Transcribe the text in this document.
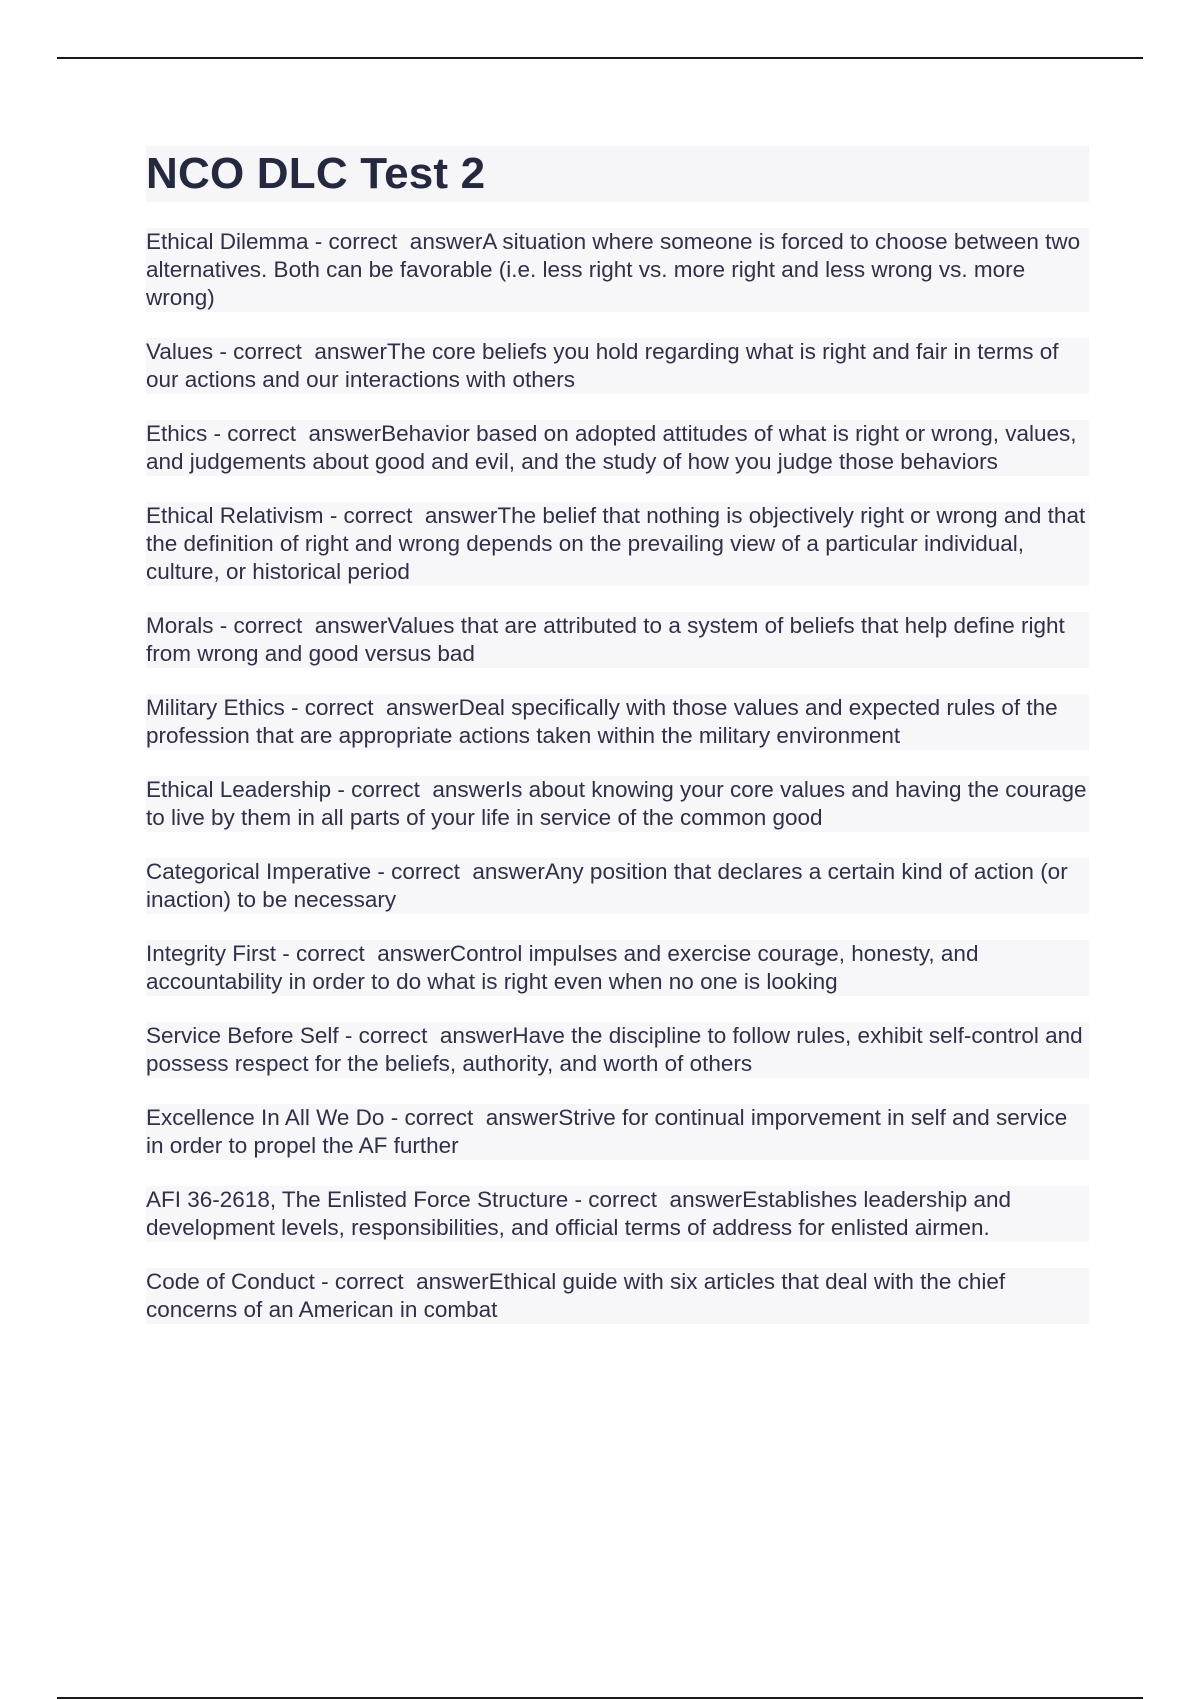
NCO DLC Test 2

Ethical Dilemma - correct  answerA situation where someone is forced to choose between two alternatives. Both can be favorable (i.e. less right vs. more right and less wrong vs. more wrong)

Values - correct  answerThe core beliefs you hold regarding what is right and fair in terms of our actions and our interactions with others

Ethics - correct  answerBehavior based on adopted attitudes of what is right or wrong, values, and judgements about good and evil, and the study of how you judge those behaviors

Ethical Relativism - correct  answerThe belief that nothing is objectively right or wrong and that the definition of right and wrong depends on the prevailing view of a particular individual, culture, or historical period

Morals - correct  answerValues that are attributed to a system of beliefs that help define right from wrong and good versus bad

Military Ethics - correct  answerDeal specifically with those values and expected rules of the profession that are appropriate actions taken within the military environment

Ethical Leadership - correct  answerIs about knowing your core values and having the courage to live by them in all parts of your life in service of the common good

Categorical Imperative - correct  answerAny position that declares a certain kind of action (or inaction) to be necessary

Integrity First - correct  answerControl impulses and exercise courage, honesty, and accountability in order to do what is right even when no one is looking

Service Before Self - correct  answerHave the discipline to follow rules, exhibit self-control and possess respect for the beliefs, authority, and worth of others

Excellence In All We Do - correct  answerStrive for continual imporvement in self and service in order to propel the AF further

AFI 36-2618, The Enlisted Force Structure - correct  answerEstablishes leadership and development levels, responsibilities, and official terms of address for enlisted airmen.

Code of Conduct - correct  answerEthical guide with six articles that deal with the chief concerns of an American in combat
